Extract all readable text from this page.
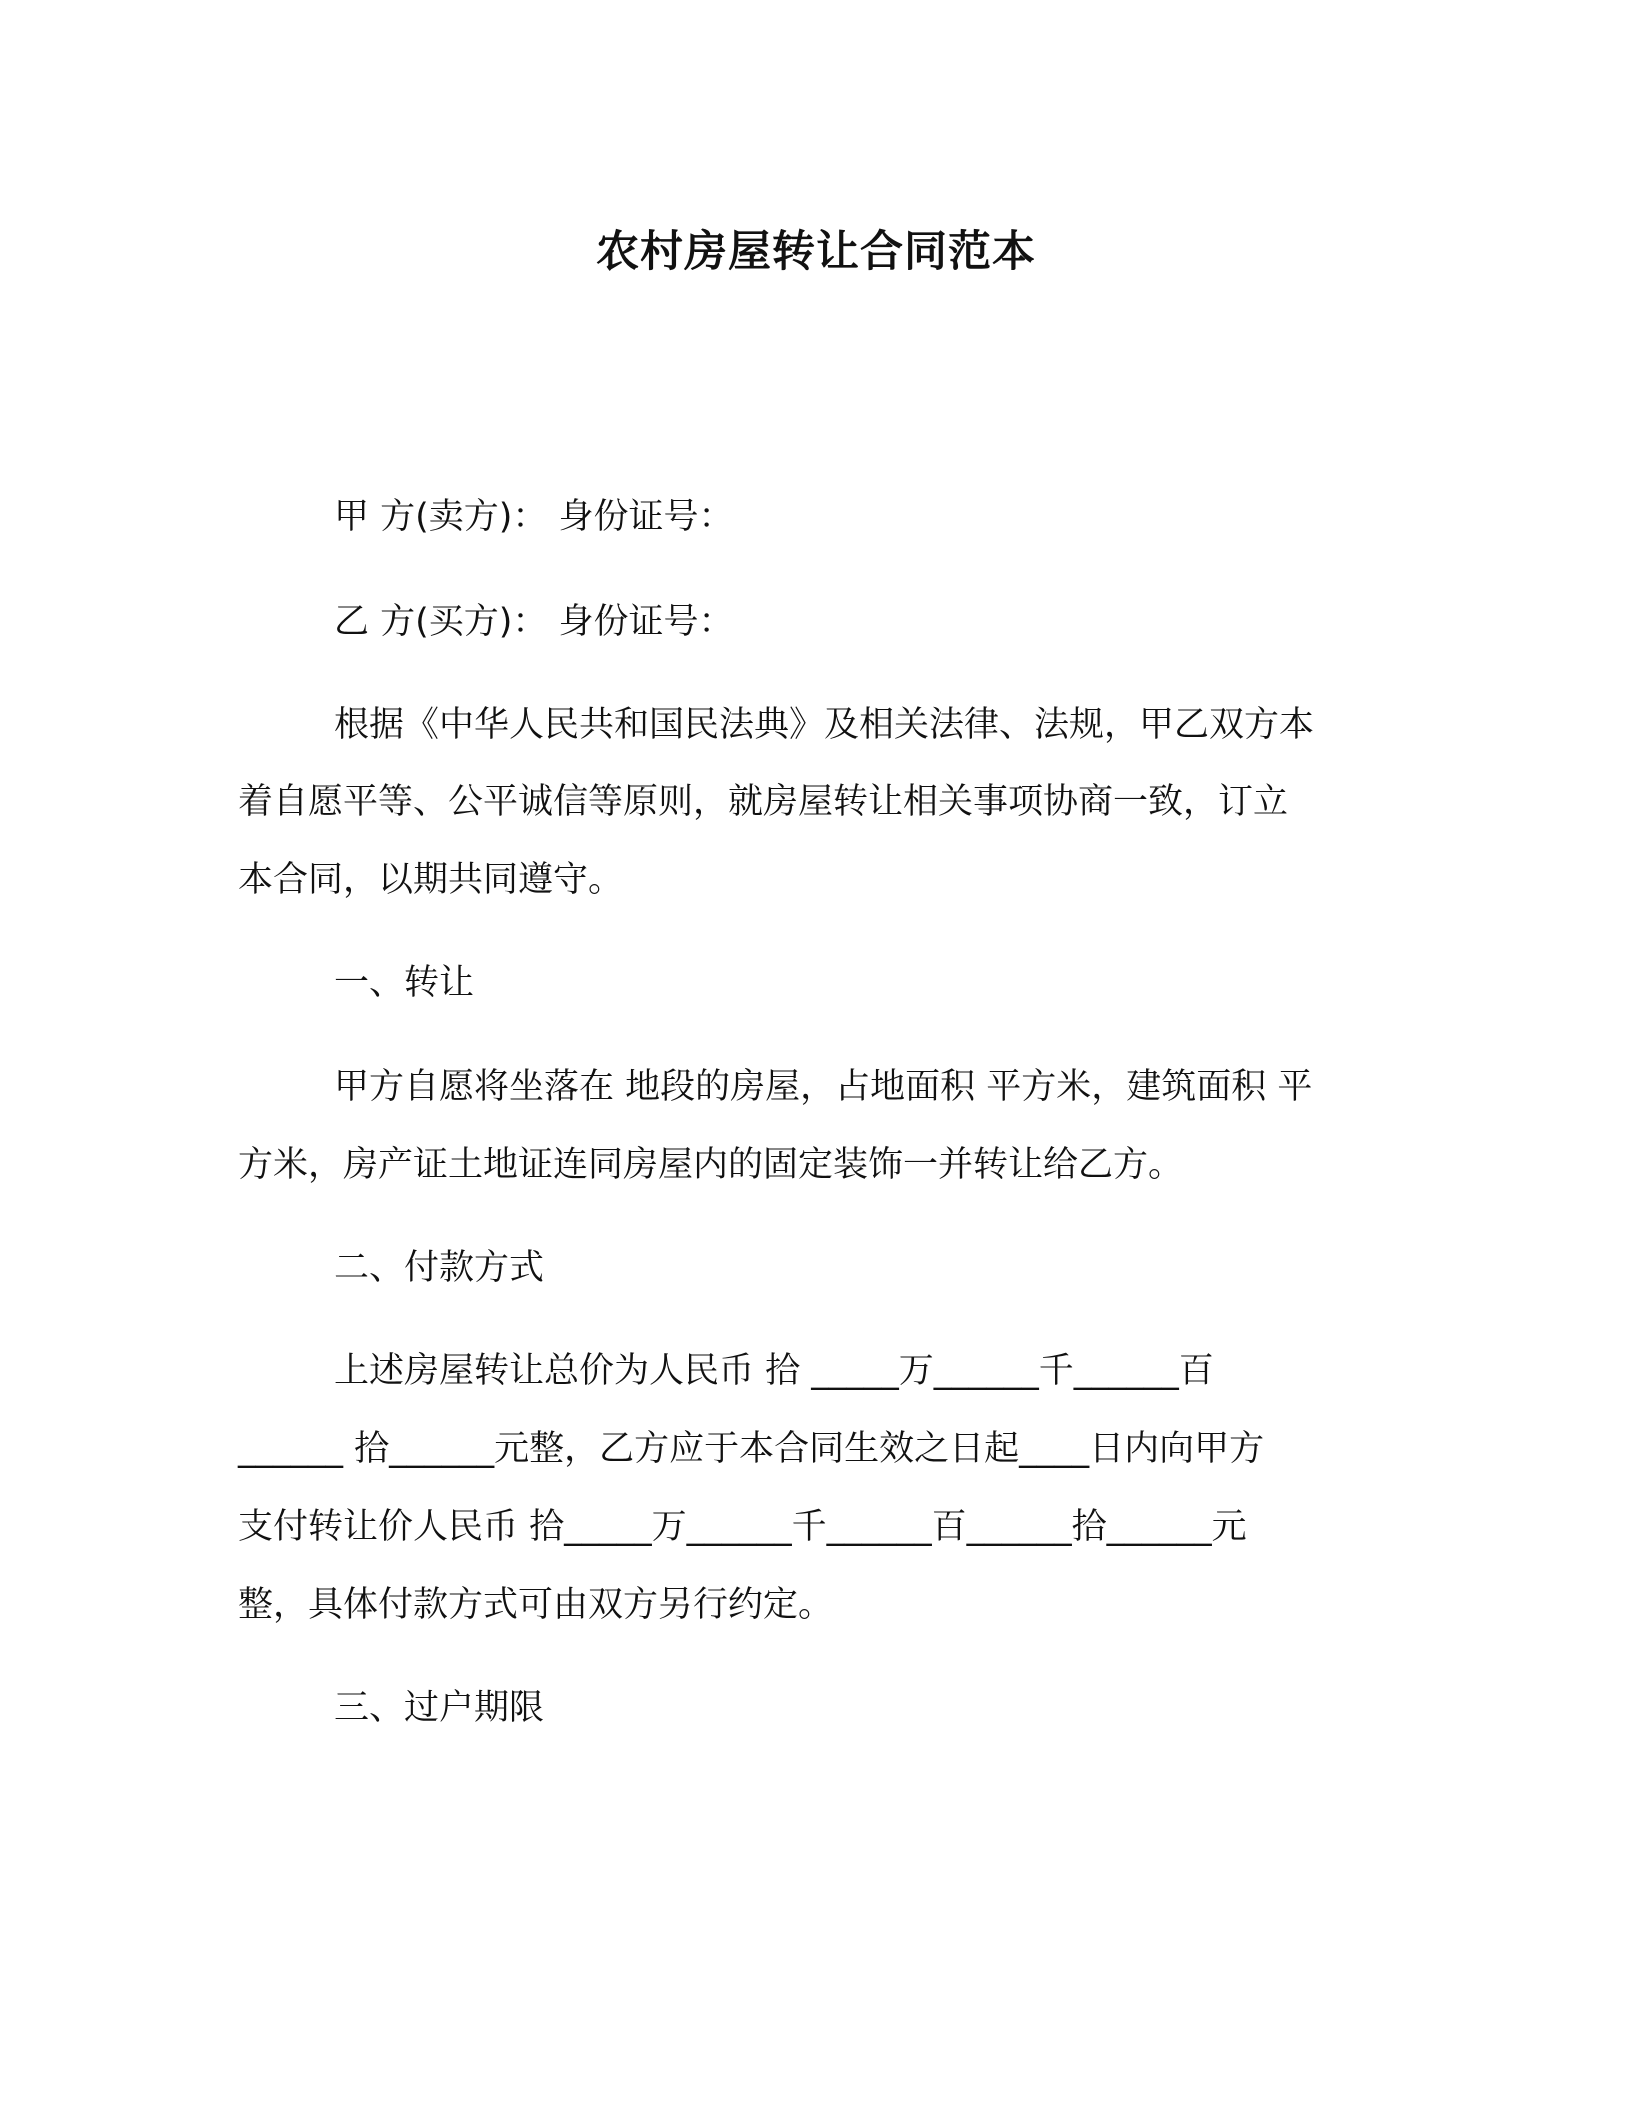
农村房屋转让合同范本

甲 方(卖方)： 身份证号：

乙 方(买方)： 身份证号：

根据《中华人民共和国民法典》及相关法律、法规，甲乙双方本

着自愿平等、公平诚信等原则，就房屋转让相关事项协商一致，订立

本合同，以期共同遵守。

一、转让

甲方自愿将坐落在 地段的房屋，占地面积 平方米，建筑面积 平

方米，房产证土地证连同房屋内的固定装饰一并转让给乙方。

二、付款方式

上述房屋转让总价为人民币 拾 _____万______千______百

______ 拾______元整，乙方应于本合同生效之日起____日内向甲方

支付转让价人民币 拾_____万______千______百______拾______元

整，具体付款方式可由双方另行约定。

三、过户期限
